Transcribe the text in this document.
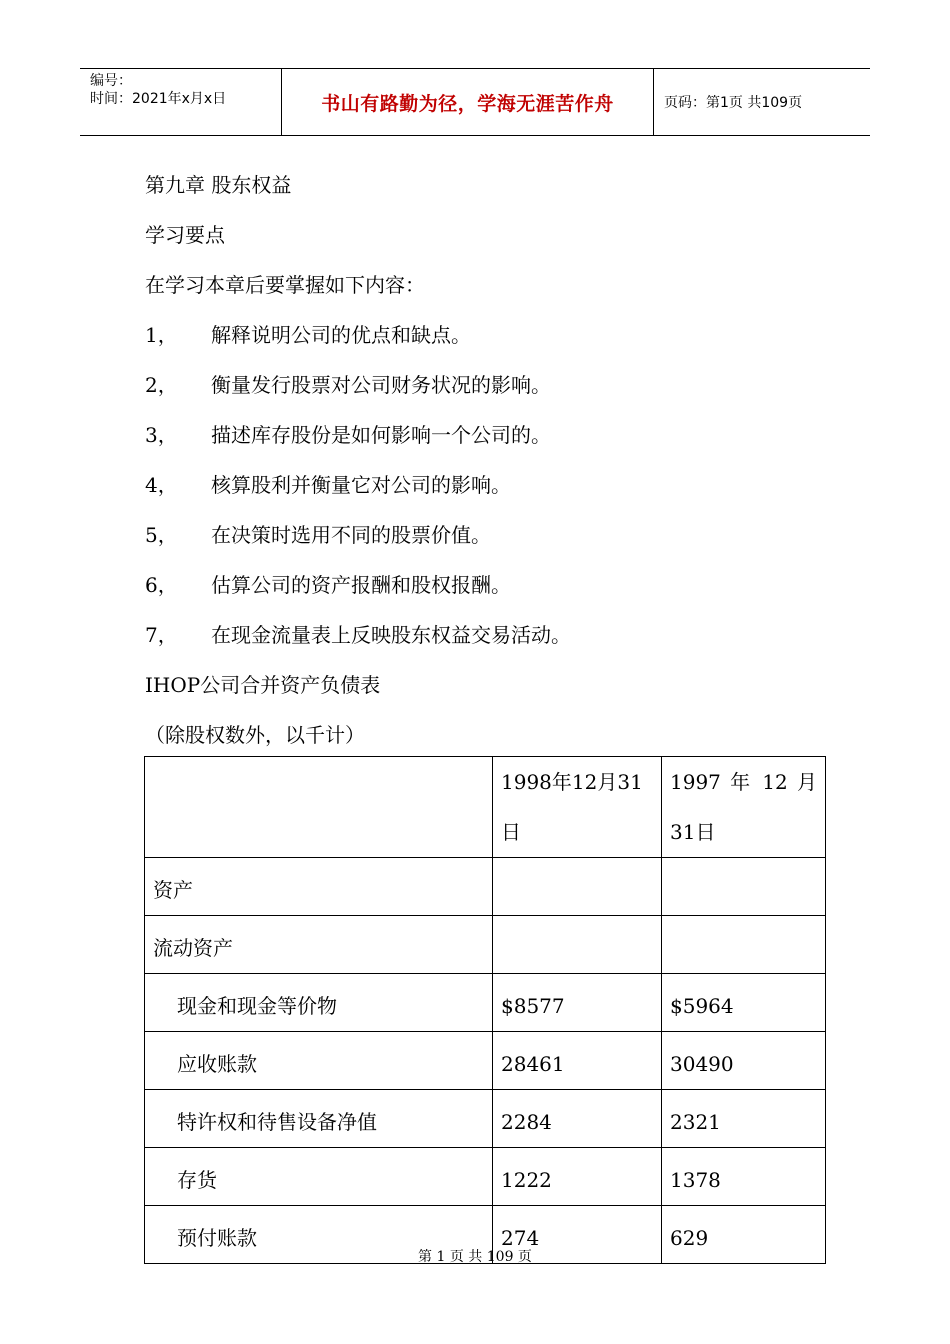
编号：
时间：2021年x月x日	书山有路勤为径，学海无涯苦作舟	页码：第1页 共109页
第九章 股东权益
学习要点
在学习本章后要掌握如下内容：
1，	解释说明公司的优点和缺点。
2，	衡量发行股票对公司财务状况的影响。
3，	描述库存股份是如何影响一个公司的。
4，	核算股利并衡量它对公司的影响。
5，	在决策时选用不同的股票价值。
6，	估算公司的资产报酬和股权报酬。
7，	在现金流量表上反映股东权益交易活动。
IHOP公司合并资产负债表
（除股权数外，以千计）
	1998年12月31日	1997 年 12 月 31日
资产		
流动资产		
现金和现金等价物	$8577	$5964
应收账款	28461	30490
特许权和待售设备净值	2284	2321
存货	1222	1378
预付账款	274	629
第 1 页 共 109 页
